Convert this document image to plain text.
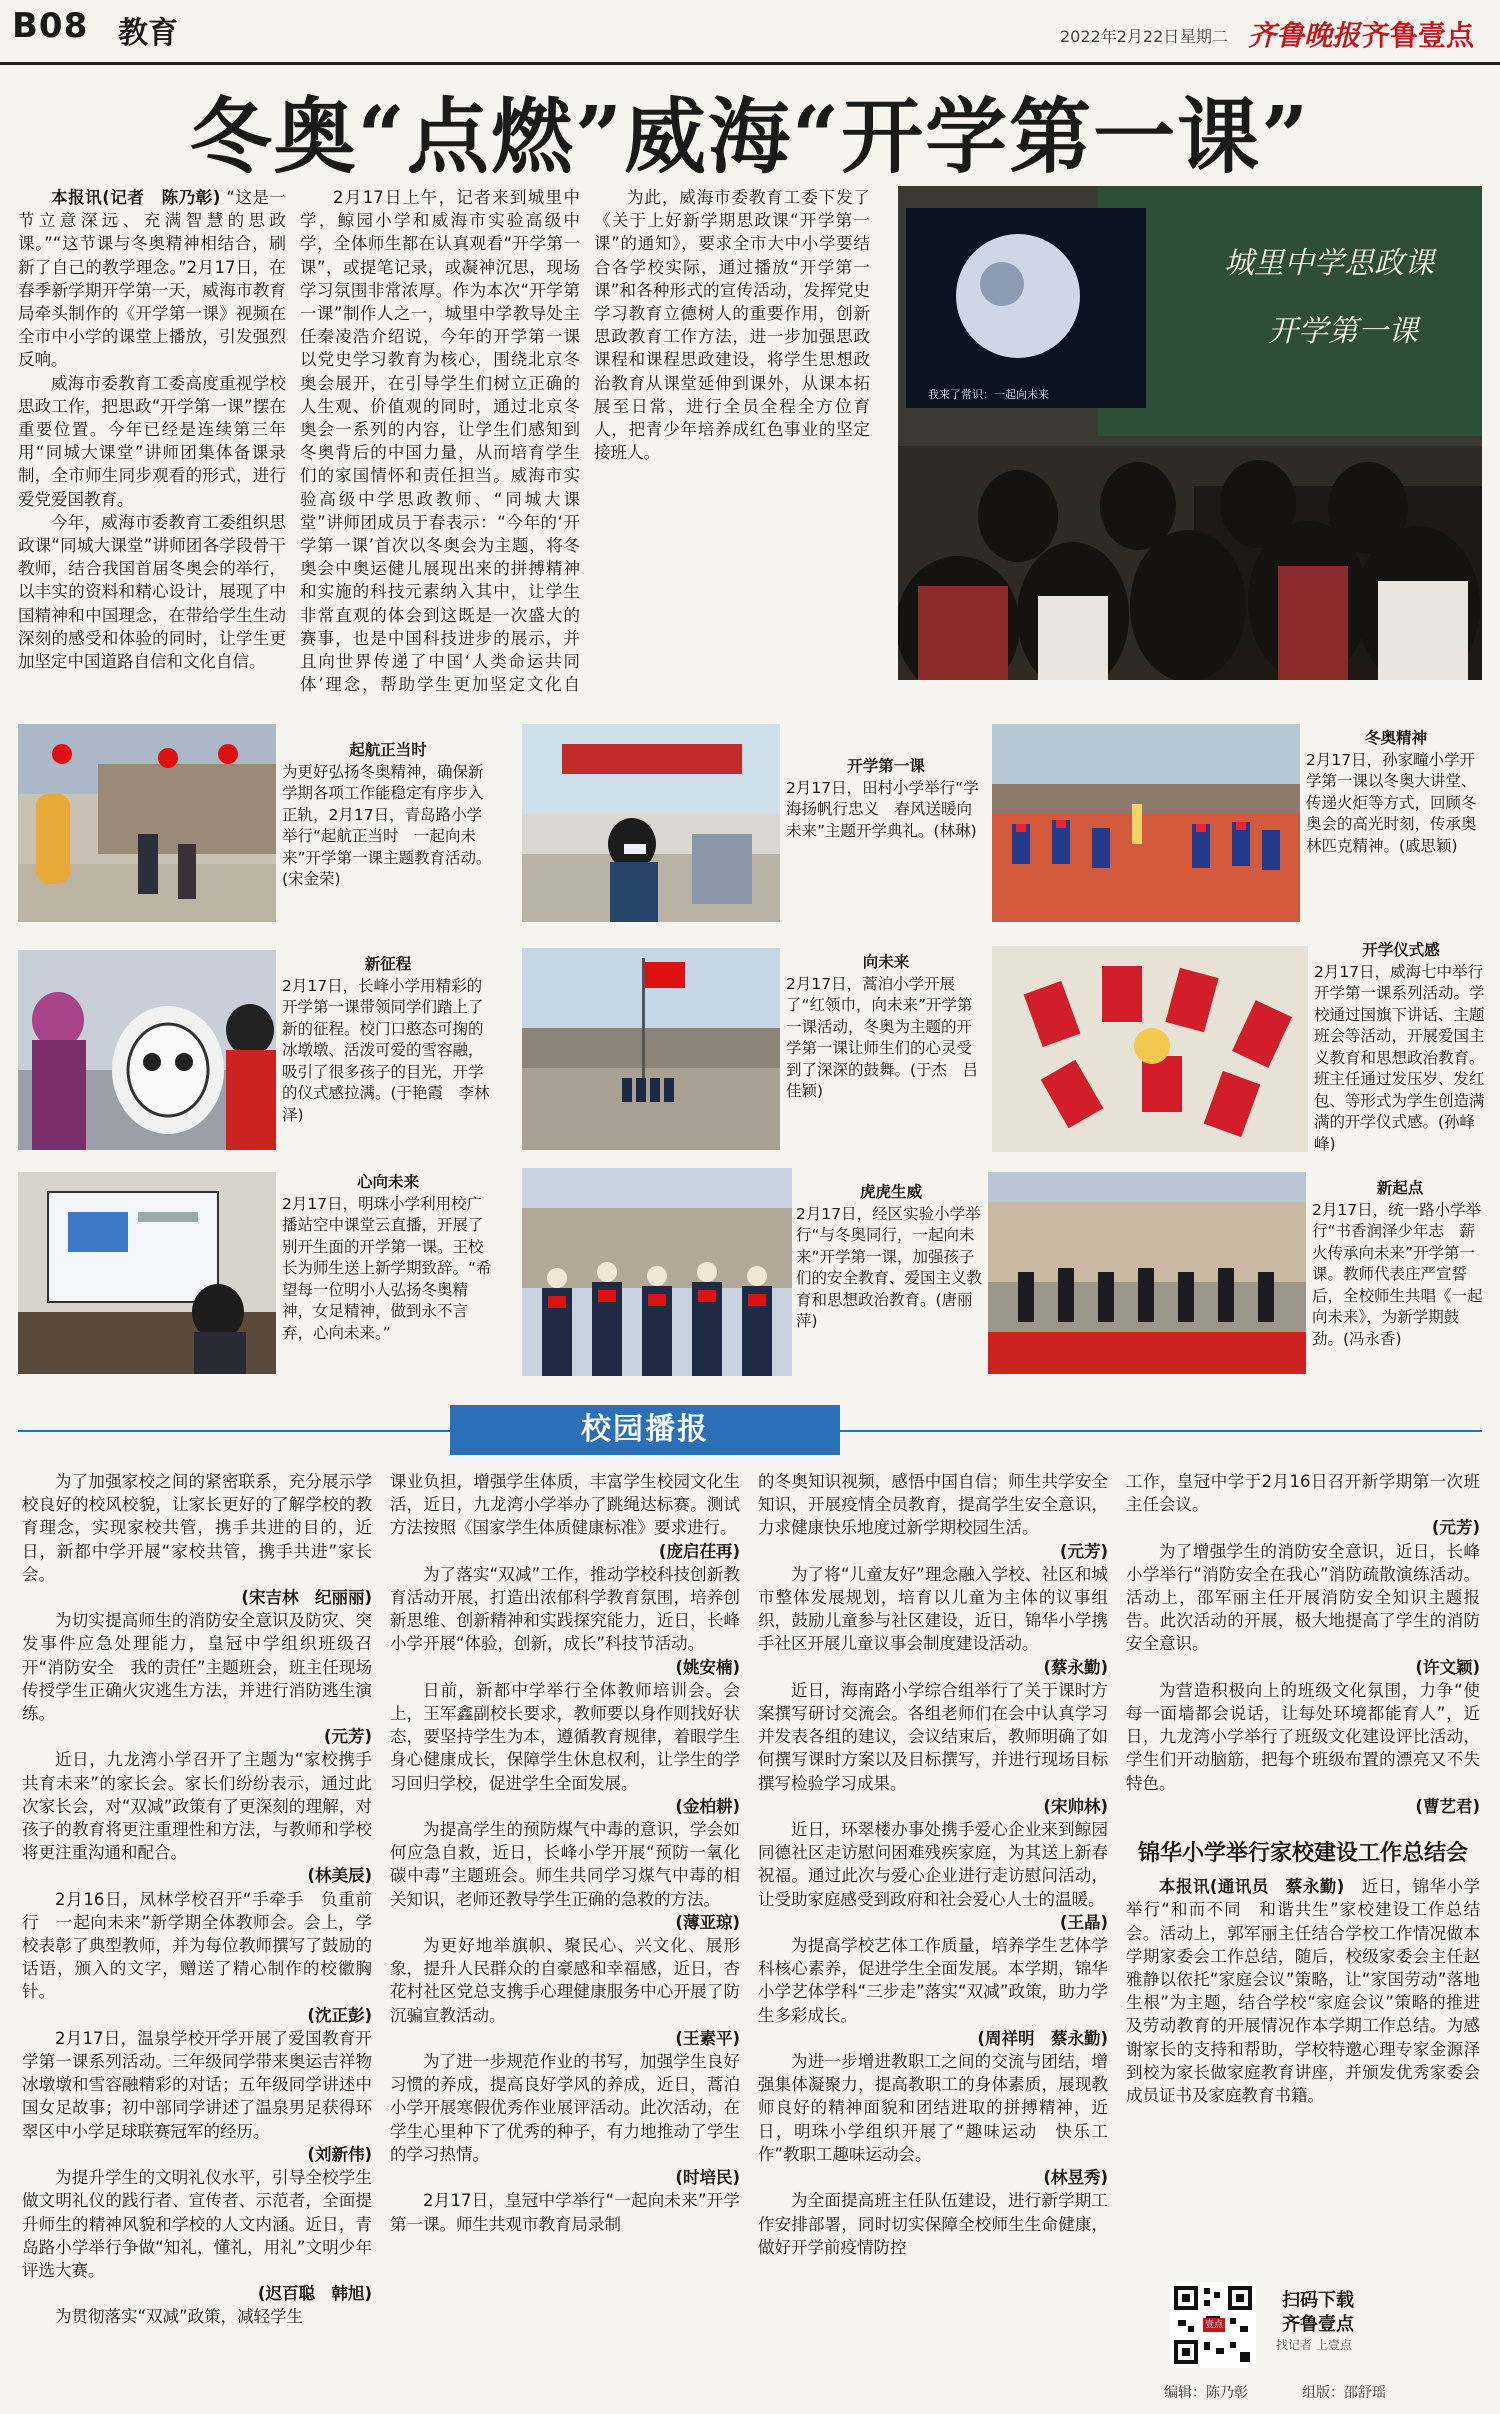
B08 教育	2022年2月22日 星期二 齐鲁晚报 齐鲁壹点
冬奥“点燃”威海“开学第一课”

本报讯(记者　陈乃彰) “这是一节立意深远、充满智慧的思政课。”“这节课与冬奥精神相结合，刷新了自己的教学理念。”2月17日，在春季新学期开学第一天，威海市教育局牵头制作的《开学第一课》视频在全市中小学的课堂上播放，引发强烈反响。

威海市委教育工委高度重视学校思政工作，把思政“开学第一课”摆在重要位置。今年已经是连续第三年用“同城大课堂”讲师团集体备课录制，全市师生同步观看的形式，进行爱党爱国教育。

今年，威海市委教育工委组织思政课“同城大课堂”讲师团各学段骨干教师，结合我国首届冬奥会的举行，以丰实的资料和精心设计，展现了中国精神和中国理念，在带给学生生动深刻的感受和体验的同时，让学生更加坚定中国道路自信和文化自信。

2月17日上午，记者来到城里中学，鲸园小学和威海市实验高级中学，全体师生都在认真观看“开学第一课”，或提笔记录，或凝神沉思，现场学习氛围非常浓厚。作为本次“开学第一课”制作人之一，城里中学教导处主任秦凌浩介绍说，今年的开学第一课以党史学习教育为核心，围绕北京冬奥会展开，在引导学生们树立正确的人生观、价值观的同时，通过北京冬奥会一系列的内容，让学生们感知到冬奥背后的中国力量，从而培育学生们的家国情怀和责任担当。威海市实验高级中学思政教师、“同城大课堂”讲师团成员于春表示：“今年的‘开学第一课’首次以冬奥会为主题，将冬奥会中奥运健儿展现出来的拼搏精神和实施的科技元素纳入其中，让学生非常直观的体会到这既是一次盛大的赛事，也是中国科技进步的展示，并且向世界传递了中国‘人类命运共同体’理念，帮助学生更加坚定文化自

为此，威海市委教育工委下发了《关于上好新学期思政课“开学第一课”的通知》，要求全市大中小学要结合各学校实际，通过播放“开学第一课”和各种形式的宣传活动，发挥党史学习教育立德树人的重要作用，创新思政教育工作方法，进一步加强思政课程和课程思政建设，将学生思想政治教育从课堂延伸到课外，从课本拓展至日常，进行全员全程全方位育人，把青少年培养成红色事业的坚定接班人。

城里中学思政课
开学第一课
我来了常识：一起向未来
起航正当时
为更好弘扬冬奥精神，确保新学期各项工作能稳定有序步入正轨，2月17日，青岛路小学举行“起航正当时　一起向未来”开学第一课主题教育活动。(宋金荣)
开学第一课
2月17日，田村小学举行“学海扬帆行忠义　春风送暖向未来”主题开学典礼。(林琳)
冬奥精神
2月17日，孙家疃小学开学第一课以冬奥大讲堂、传递火炬等方式，回顾冬奥会的高光时刻，传承奥林匹克精神。(戚思颖)
新征程
2月17日，长峰小学用精彩的开学第一课带领同学们踏上了新的征程。校门口憨态可掬的冰墩墩、活泼可爱的雪容融，吸引了很多孩子的目光，开学的仪式感拉满。(于艳霞　李林泽)
向未来
2月17日，蒿泊小学开展了“红领巾，向未来”开学第一课活动，冬奥为主题的开学第一课让师生们的心灵受到了深深的鼓舞。(于杰　吕佳颖)
开学仪式感
2月17日，威海七中举行开学第一课系列活动。学校通过国旗下讲话、主题班会等活动，开展爱国主义教育和思想政治教育。班主任通过发压岁、发红包、等形式为学生创造满满的开学仪式感。(孙峰峰)
心向未来
2月17日，明珠小学利用校广播站空中课堂云直播，开展了别开生面的开学第一课。王校长为师生送上新学期致辞。“希望每一位明小人弘扬冬奥精神，女足精神，做到永不言弃，心向未来。”
虎虎生威
2月17日，经区实验小学举行“与冬奥同行，一起向未来”开学第一课，加强孩子们的安全教育、爱国主义教育和思想政治教育。(唐丽萍)
新起点
2月17日，统一路小学举行“书香润泽少年志　薪火传承向未来”开学第一课。教师代表庄严宣誓后，全校师生共唱《一起向未来》，为新学期鼓劲。(冯永香)
校园播报

为了加强家校之间的紧密联系，充分展示学校良好的校风校貌，让家长更好的了解学校的教育理念，实现家校共管，携手共进的目的，近日，新都中学开展“家校共管，携手共进”家长会。

(宋吉林　纪丽丽)

为切实提高师生的消防安全意识及防灾、突发事件应急处理能力，皇冠中学组织班级召开“消防安全　我的责任”主题班会，班主任现场传授学生正确火灾逃生方法，并进行消防逃生演练。

(元芳)

近日，九龙湾小学召开了主题为“家校携手　共育未来”的家长会。家长们纷纷表示，通过此次家长会，对“双减”政策有了更深刻的理解，对孩子的教育将更注重理性和方法，与教师和学校将更注重沟通和配合。

(林美辰)

2月16日，凤林学校召开“手牵手　负重前行　一起向未来”新学期全体教师会。会上，学校表彰了典型教师，并为每位教师撰写了鼓励的话语，颁入的文字，赠送了精心制作的校徽胸针。

(沈正彭)

2月17日，温泉学校开学开展了爱国教育开学第一课系列活动。三年级同学带来奥运吉祥物冰墩墩和雪容融精彩的对话；五年级同学讲述中国女足故事；初中部同学讲述了温泉男足获得环翠区中小学足球联赛冠军的经历。

(刘新伟)

为提升学生的文明礼仪水平，引导全校学生做文明礼仪的践行者、宣传者、示范者，全面提升师生的精神风貌和学校的人文内涵。近日，青岛路小学举行争做“知礼，懂礼，用礼”文明少年评选大赛。

(迟百聪　韩旭)

为贯彻落实“双减”政策，减轻学生

课业负担，增强学生体质，丰富学生校园文化生活，近日，九龙湾小学举办了跳绳达标赛。测试方法按照《国家学生体质健康标准》要求进行。

(庞启茌再)

为了落实“双减”工作，推动学校科技创新教育活动开展，打造出浓郁科学教育氛围，培养创新思维、创新精神和实践探究能力，近日，长峰小学开展“体验，创新，成长”科技节活动。

(姚安楠)

日前，新都中学举行全体教师培训会。会上，王军鑫副校长要求，教师要以身作则找好状态，要坚持学生为本，遵循教育规律，着眼学生身心健康成长，保障学生休息权利，让学生的学习回归学校，促进学生全面发展。

(金柏耕)

为提高学生的预防煤气中毒的意识，学会如何应急自救，近日，长峰小学开展“预防一氧化碳中毒”主题班会。师生共同学习煤气中毒的相关知识，老师还教导学生正确的急救的方法。

(薄亚琼)

为更好地举旗帜、聚民心、兴文化、展形象，提升人民群众的自豪感和幸福感，近日，杏花村社区党总支携手心理健康服务中心开展了防沉骗宣教活动。

(王素平)

为了进一步规范作业的书写，加强学生良好习惯的养成，提高良好学风的养成，近日，蒿泊小学开展寒假优秀作业展评活动。此次活动，在学生心里种下了优秀的种子，有力地推动了学生的学习热情。

(时培民)

2月17日，皇冠中学举行“一起向未来”开学第一课。师生共观市教育局录制

的冬奥知识视频，感悟中国自信；师生共学安全知识，开展疫情全员教育，提高学生安全意识，力求健康快乐地度过新学期校园生活。

(元芳)

为了将“儿童友好”理念融入学校、社区和城市整体发展规划，培育以儿童为主体的议事组织，鼓励儿童参与社区建设，近日，锦华小学携手社区开展儿童议事会制度建设活动。

(蔡永勤)

近日，海南路小学综合组举行了关于课时方案撰写研讨交流会。各组老师们在会中认真学习并发表各组的建议，会议结束后，教师明确了如何撰写课时方案以及目标撰写，并进行现场目标撰写检验学习成果。

(宋帅林)

近日，环翠楼办事处携手爱心企业来到鲸园同德社区走访慰问困难残疾家庭，为其送上新春祝福。通过此次与爱心企业进行走访慰问活动，让受助家庭感受到政府和社会爱心人士的温暖。

(王晶)

为提高学校艺体工作质量，培养学生艺体学科核心素养，促进学生全面发展。本学期，锦华小学艺体学科“三步走”落实“双减”政策，助力学生多彩成长。

(周祥明　蔡永勤)

为进一步增进教职工之间的交流与团结，增强集体凝聚力，提高教职工的身体素质，展现教师良好的精神面貌和团结进取的拼搏精神，近日，明珠小学组织开展了“趣味运动　快乐工作”教职工趣味运动会。

(林昱秀)

为全面提高班主任队伍建设，进行新学期工作安排部署，同时切实保障全校师生生命健康，做好开学前疫情防控

工作，皇冠中学于2月16日召开新学期第一次班主任会议。

(元芳)

为了增强学生的消防安全意识，近日，长峰小学举行“消防安全在我心”消防疏散演练活动。活动上，邵军丽主任开展消防安全知识主题报告。此次活动的开展，极大地提高了学生的消防安全意识。

(许文颖)

为营造积极向上的班级文化氛围，力争“使每一面墙都会说话，让每处环境都能育人”，近日，九龙湾小学举行了班级文化建设评比活动，学生们开动脑筋，把每个班级布置的漂亮又不失特色。

(曹艺君)
锦华小学举行家校建设工作总结会

本报讯(通讯员　蔡永勤)　近日，锦华小学举行“和而不同　和谐共生”家校建设工作总结会。活动上，郭军丽主任结合学校工作情况做本学期家委会工作总结，随后，校级家委会主任赵雅静以依托“家庭会议”策略，让“家国劳动”落地生根”为主题，结合学校“家庭会议”策略的推进及劳动教育的开展情况作本学期工作总结。为感谢家长的支持和帮助，学校特邀心理专家金源泽到校为家长做家庭教育讲座，并颁发优秀家委会成员证书及家庭教育书籍。

壹点
扫码下载
齐鲁壹点
找记者 上壹点
编辑：陈乃彰	组版：邵舒瑶
